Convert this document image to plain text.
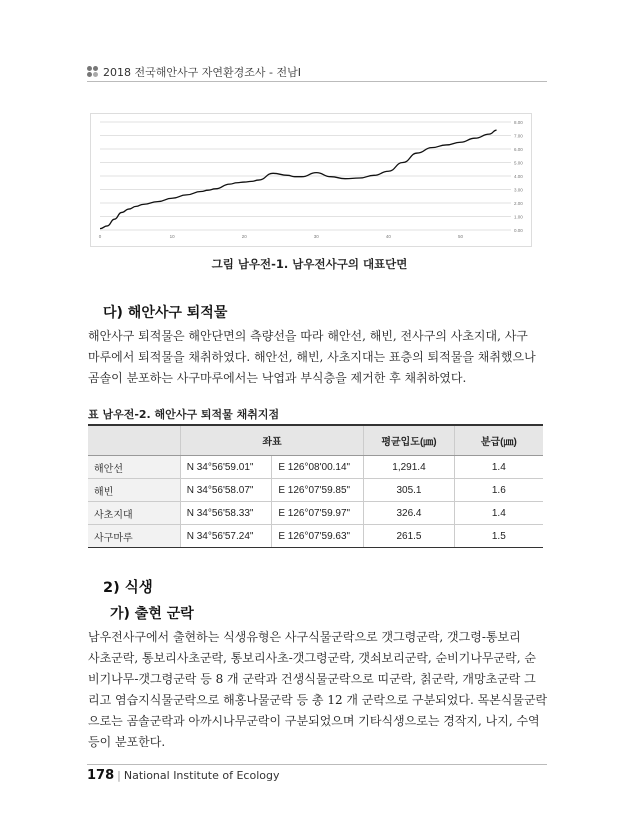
2018 전국해안사구 자연환경조사 - 전남Ⅰ
0.00
1.00
2.00
3.00
4.00
5.00
6.00
7.00
8.00
0	10	20	30	40	50
그림 남우전-1. 남우전사구의 대표단면
다) 해안사구 퇴적물
해안사구 퇴적물은 해안단면의 측량선을 따라 해안선, 해빈, 전사구의 사초지대, 사구
마루에서 퇴적물을 채취하였다. 해안선, 해빈, 사초지대는 표층의 퇴적물을 채취했으나
곰솔이 분포하는 사구마루에서는 낙엽과 부식층을 제거한 후 채취하였다.
표 남우전-2. 해안사구 퇴적물 채취지점
	좌표		평균입도(㎛)	분급(㎛)
해안선	N 34°56'59.01"	E 126°08'00.14"	1,291.4	1.4
해빈	N 34°56'58.07"	E 126°07'59.85"	305.1	1.6
사초지대	N 34°56'58.33"	E 126°07'59.97"	326.4	1.4
사구마루	N 34°56'57.24"	E 126°07'59.63"	261.5	1.5
2) 식생
가) 출현 군락
남우전사구에서 출현하는 식생유형은 사구식물군락으로 갯그령군락, 갯그령-통보리
사초군락, 통보리사초군락, 통보리사초-갯그령군락, 갯쇠보리군락, 순비기나무군락, 순
비기나무-갯그령군락 등 8 개 군락과 건생식물군락으로 띠군락, 칡군락, 개망초군락 그
리고 염습지식물군락으로 해홍나물군락 등 총 12 개 군락으로 구분되었다. 목본식물군락
으로는 곰솔군락과 아까시나무군락이 구분되었으며 기타식생으로는 경작지, 나지, 수역
등이 분포한다.
178 | National Institute of Ecology
